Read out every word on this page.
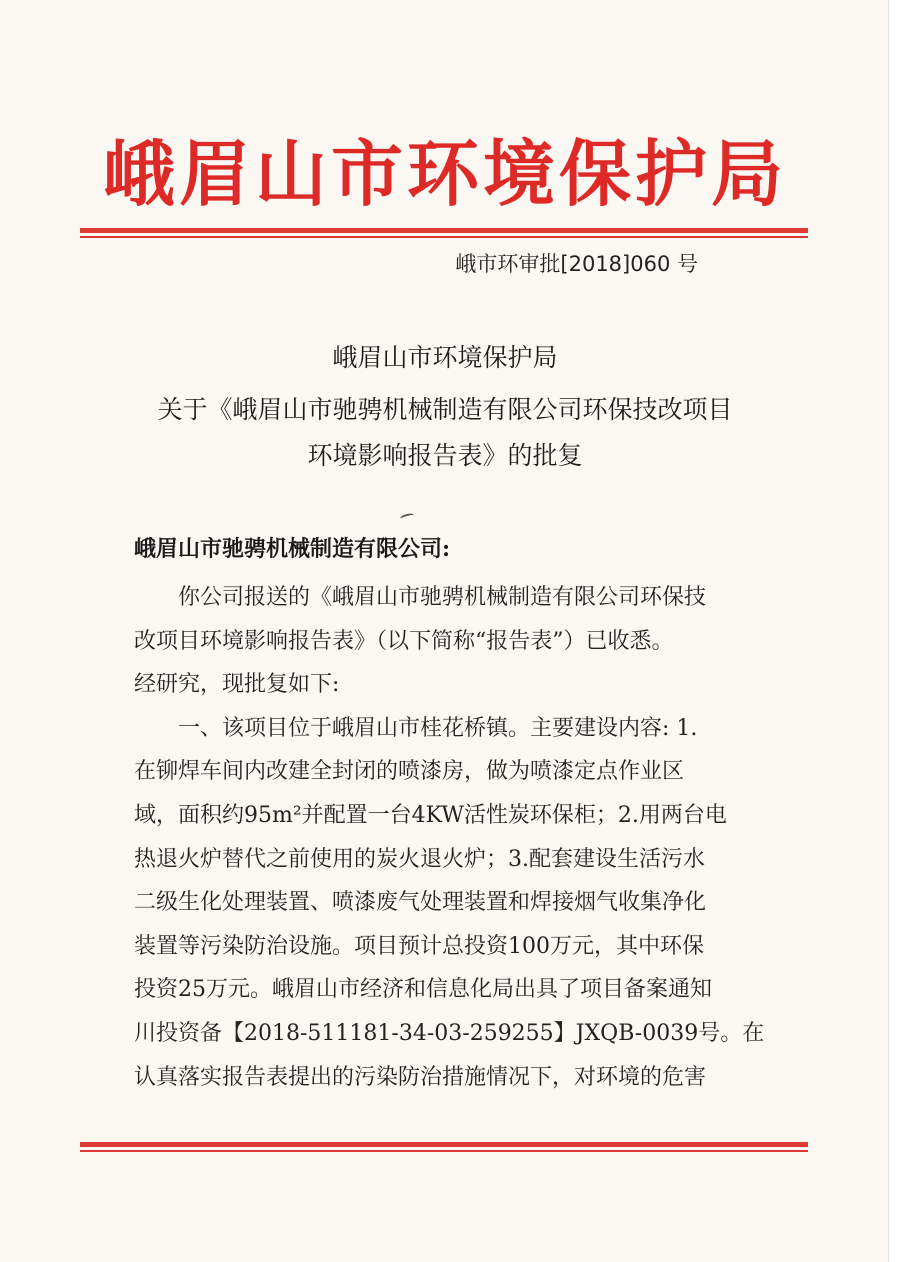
峨眉山市环境保护局
峨市环审批[2018]060 号
峨眉山市环境保护局
关于《峨眉山市驰骋机械制造有限公司环保技改项目
环境影响报告表》的批复
峨眉山市驰骋机械制造有限公司:
　　你公司报送的《峨眉山市驰骋机械制造有限公司环保技
改项目环境影响报告表》（以下简称“报告表”）已收悉。
经研究，现批复如下:
　　一、该项目位于峨眉山市桂花桥镇。主要建设内容: 1.
在铆焊车间内改建全封闭的喷漆房，做为喷漆定点作业区
域，面积约95m²并配置一台4KW活性炭环保柜；2.用两台电
热退火炉替代之前使用的炭火退火炉；3.配套建设生活污水
二级生化处理装置、喷漆废气处理装置和焊接烟气收集净化
装置等污染防治设施。项目预计总投资100万元，其中环保
投资25万元。峨眉山市经济和信息化局出具了项目备案通知
川投资备【2018-511181-34-03-259255】JXQB-0039号。在
认真落实报告表提出的污染防治措施情况下，对环境的危害
